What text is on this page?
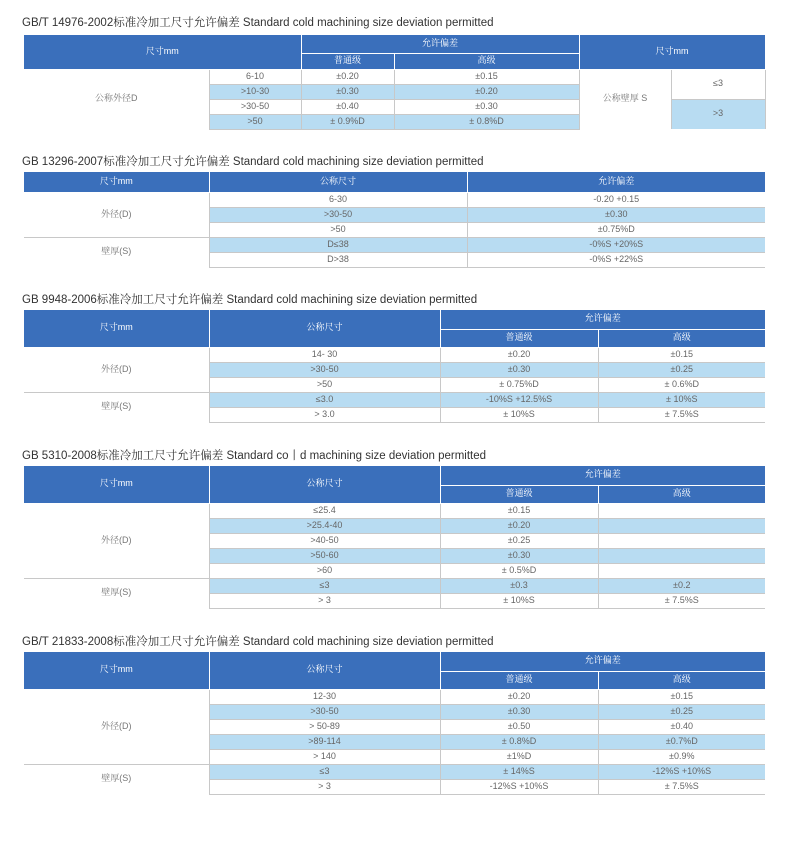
GB/T 14976-2002标准冷加工尺寸允许偏差 Standard cold machining size deviation permitted
尺寸mm		允许偏差		尺寸mm	
		普通级	高级		
公称外径D	6-10	±0.20	±0.15	公称壁厚 S	≤3		

	>10-30	±0.30	±0.20			
	>30-50	±0.40	±0.30		>3	

	>50	± 0.9%D	± 0.8%D			
GB 13296-2007标准冷加工尺寸允许偏差 Standard cold machining size deviation permitted
尺寸mm	公称尺寸	允许偏差
外径(D)	6-30	-0.20 +0.15
	>30-50	±0.30
	>50	±0.75%D
壁厚(S)	D≤38	-0%S +20%S
	D>38	-0%S +22%S
GB 9948-2006标准冷加工尺寸允许偏差 Standard cold machining size deviation permitted
尺寸mm	公称尺寸	允许偏差	
		普通级	高级
外径(D)	14- 30	±0.20	±0.15
	>30-50	±0.30	±0.25
	>50	± 0.75%D	± 0.6%D
壁厚(S)	≤3.0	-10%S +12.5%S	± 10%S
	> 3.0	± 10%S	± 7.5%S
GB 5310-2008标准冷加工尺寸允许偏差 Standard co丨d machining size deviation permitted
尺寸mm	公称尺寸	允许偏差	
		普通级	高级
外径(D)	≤25.4	±0.15	
	>25.4-40	±0.20	
	>40-50	±0.25	
	>50-60	±0.30	
	>60	± 0.5%D	
壁厚(S)	≤3	±0.3	±0.2
	> 3	± 10%S	± 7.5%S
GB/T 21833-2008标准冷加工尺寸允许偏差 Standard cold machining size deviation permitted
尺寸mm	公称尺寸	允许偏差	
		普通级	高级
外径(D)	12-30	±0.20	±0.15
	>30-50	±0.30	±0.25
	> 50-89	±0.50	±0.40
	>89-114	± 0.8%D	±0.7%D
	> 140	±1%D	±0.9%
壁厚(S)	≤3	± 14%S	-12%S +10%S
	> 3	-12%S +10%S	± 7.5%S
